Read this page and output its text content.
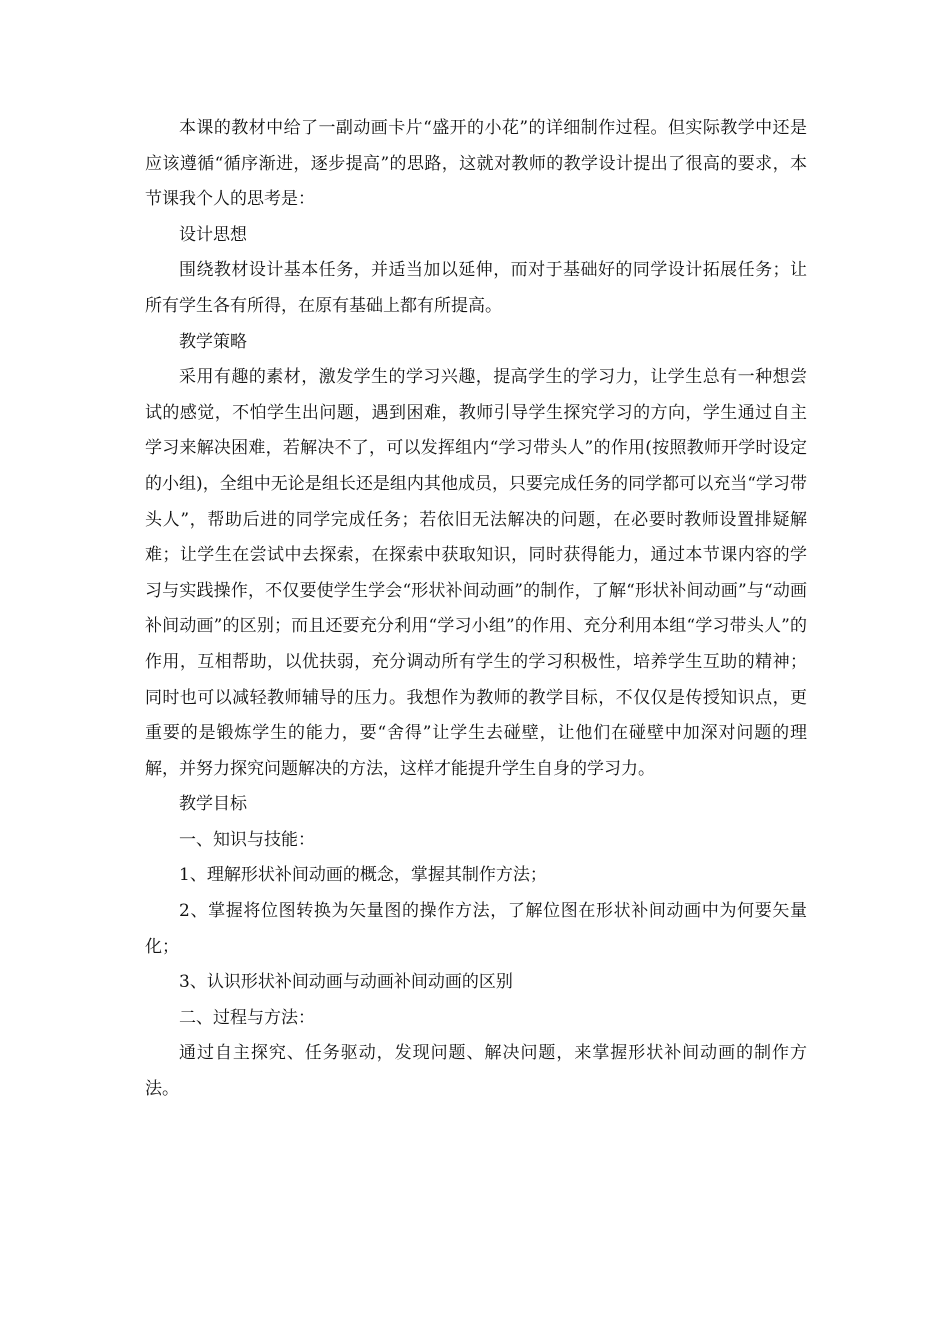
本课的教材中给了一副动画卡片“盛开的小花”的详细制作过程。但实际教学中还是应该遵循“循序渐进，逐步提高”的思路，这就对教师的教学设计提出了很高的要求，本节课我个人的思考是：

设计思想

围绕教材设计基本任务，并适当加以延伸，而对于基础好的同学设计拓展任务；让所有学生各有所得，在原有基础上都有所提高。

教学策略

采用有趣的素材，激发学生的学习兴趣，提高学生的学习力，让学生总有一种想尝试的感觉，不怕学生出问题，遇到困难，教师引导学生探究学习的方向，学生通过自主学习来解决困难，若解决不了，可以发挥组内“学习带头人”的作用(按照教师开学时设定的小组)，全组中无论是组长还是组内其他成员，只要完成任务的同学都可以充当“学习带头人”，帮助后进的同学完成任务；若依旧无法解决的问题，在必要时教师设置排疑解难；让学生在尝试中去探索，在探索中获取知识，同时获得能力，通过本节课内容的学习与实践操作，不仅要使学生学会“形状补间动画”的制作，了解“形状补间动画”与“动画补间动画”的区别；而且还要充分利用“学习小组”的作用、充分利用本组“学习带头人”的作用，互相帮助，以优扶弱，充分调动所有学生的学习积极性，培养学生互助的精神；同时也可以减轻教师辅导的压力。我想作为教师的教学目标，不仅仅是传授知识点，更重要的是锻炼学生的能力，要“舍得”让学生去碰壁，让他们在碰壁中加深对问题的理解，并努力探究问题解决的方法，这样才能提升学生自身的学习力。

教学目标

一、知识与技能：

1、理解形状补间动画的概念，掌握其制作方法；

2、掌握将位图转换为矢量图的操作方法，了解位图在形状补间动画中为何要矢量化；

3、认识形状补间动画与动画补间动画的区别

二、过程与方法：

通过自主探究、任务驱动，发现问题、解决问题，来掌握形状补间动画的制作方法。
